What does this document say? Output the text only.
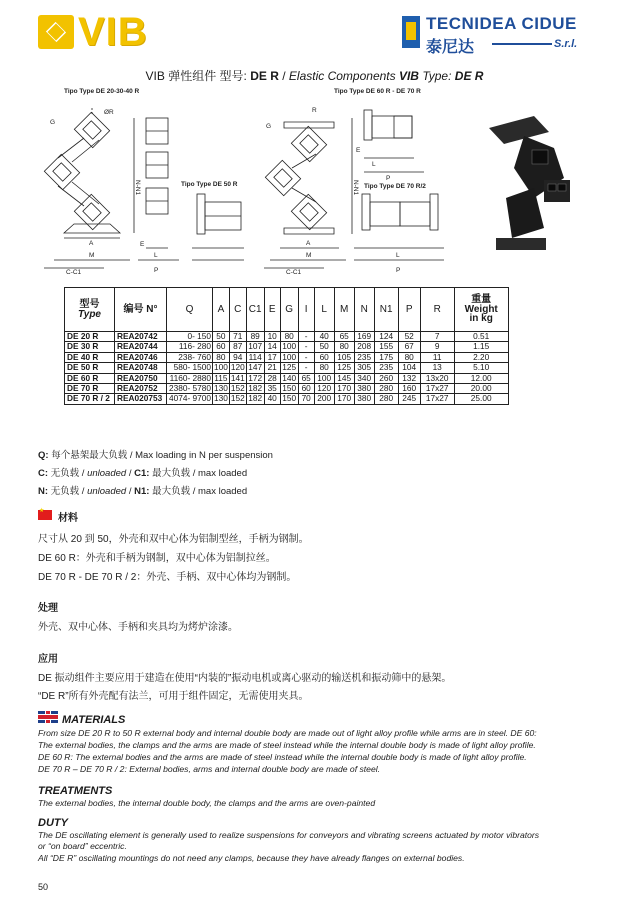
VIB	TECNIDEA CIDUE
泰尼达	S.r.l.
VIB 弹性组件 型号: DE R / Elastic Components VIB Type: DE R
Tipo Type DE 20-30-40 R	Tipo Type DE 60 R - DE 70 R
Tipo Type DE 50 R	Tipo Type DE 70 R/2
ØR
G
N-N1
A
M
C-C1
E
L
P
R
G
N-N1
A
M
C-C1
E
L
P
L
P
型号
Type	编号 N°	Q	A	C	C1	E	G	I	L	M	N	N1	P	R	重量
Weight
in kg
DE 20 R	REA20742	0- 150	50	71	89	10	80	-	40	65	169	124	52	7	0.51
DE 30 R	REA20744	116- 280	60	87	107	14	100	-	50	80	208	155	67	9	1.15
DE 40 R	REA20746	238- 760	80	94	114	17	100	-	60	105	235	175	80	11	2.20
DE 50 R	REA20748	580- 1500	100	120	147	21	125	-	80	125	305	235	104	13	5.10
DE 60 R	REA20750	1160- 2880	115	141	172	28	140	65	100	145	340	260	132	13x20	12.00
DE 70 R	REA20752	2380- 5780	130	152	182	35	150	60	120	170	380	280	160	17x27	20.00
DE 70 R / 2	REA020753	4074- 9700	130	152	182	40	150	70	200	170	380	280	245	17x27	25.00
Q: 每个悬架最大负载 / Max loading in N per suspension
C: 无负载 / unloaded / C1: 最大负载 / max loaded
N: 无负载 / unloaded / N1: 最大负载 / max loaded
★
材料
尺寸从 20 到 50，外壳和双中心体为铝制型丝，手柄为钢制。
DE 60 R：外壳和手柄为钢制，双中心体为铝制拉丝。
DE 70 R - DE 70 R / 2：外壳、手柄、双中心体均为钢制。
处理
外壳、双中心体、手柄和夹具均为烤炉涂漆。
应用
DE 振动组件主要应用于建造在使用“内装的”振动电机或离心驱动的输送机和振动筛中的悬架。
“DE R”所有外壳配有法兰，可用于组件固定，无需使用夹具。
MATERIALS
From size DE 20 R to 50 R external body and internal double body are made out of light alloy profile while arms are in steel. DE 60:
The external bodies, the clamps and the arms are made of steel instead while the internal double body is made of light alloy profile.
DE 60 R: The external bodies and the arms are made of steel instead while the internal double body is made of light alloy profile.
DE 70 R – DE 70 R / 2: External bodies, arms and internal double body are made of steel.
TREATMENTS
The external bodies, the internal double body, the clamps and the arms are oven-painted
DUTY
The DE oscillating element is generally used to realize suspensions for conveyors and vibrating screens actuated by motor vibrators
or “on board” eccentric.
All “DE R” oscillating mountings do not need any clamps, because they have already flanges on external bodies.
50
